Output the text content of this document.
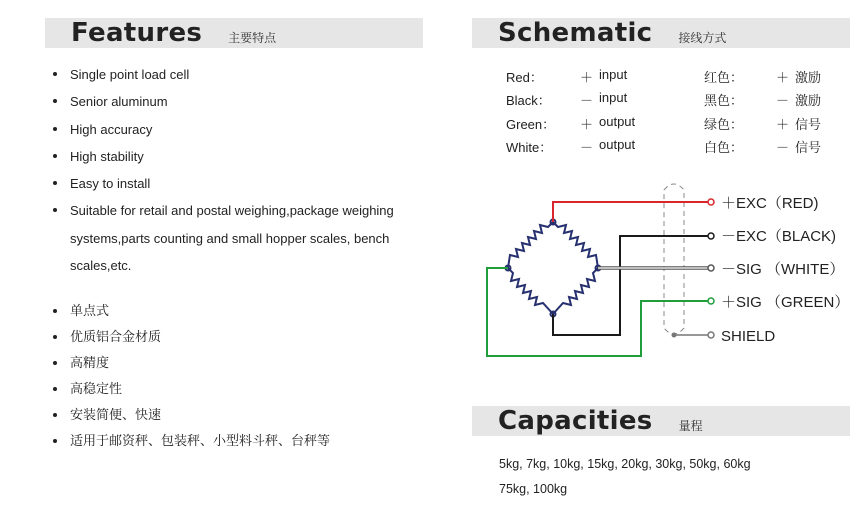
Features 主要特点
Single point load cell
Senior aluminum
High accuracy
High stability
Easy to install
Suitable for retail and postal weighing,package weighing systems,parts counting and small hopper scales, bench scales,etc.
单点式
优质铝合金材质
高精度
高稳定性
安装简便、快速
适用于邮资秤、包装秤、小型料斗秤、台秤等
Schematic 接线方式
Red：	＋ input	红色：	＋ 激励
Black： － input	黑色：	－ 激励
Green： ＋ output	绿色：	＋ 信号
White： － output	白色：	－ 信号
＋EXC（RED)
－EXC（BLACK)
－SIG （WHITE）
＋SIG （GREEN）
SHIELD
Capacities 量程
5kg, 7kg, 10kg, 15kg, 20kg, 30kg, 50kg, 60kg
75kg, 100kg
